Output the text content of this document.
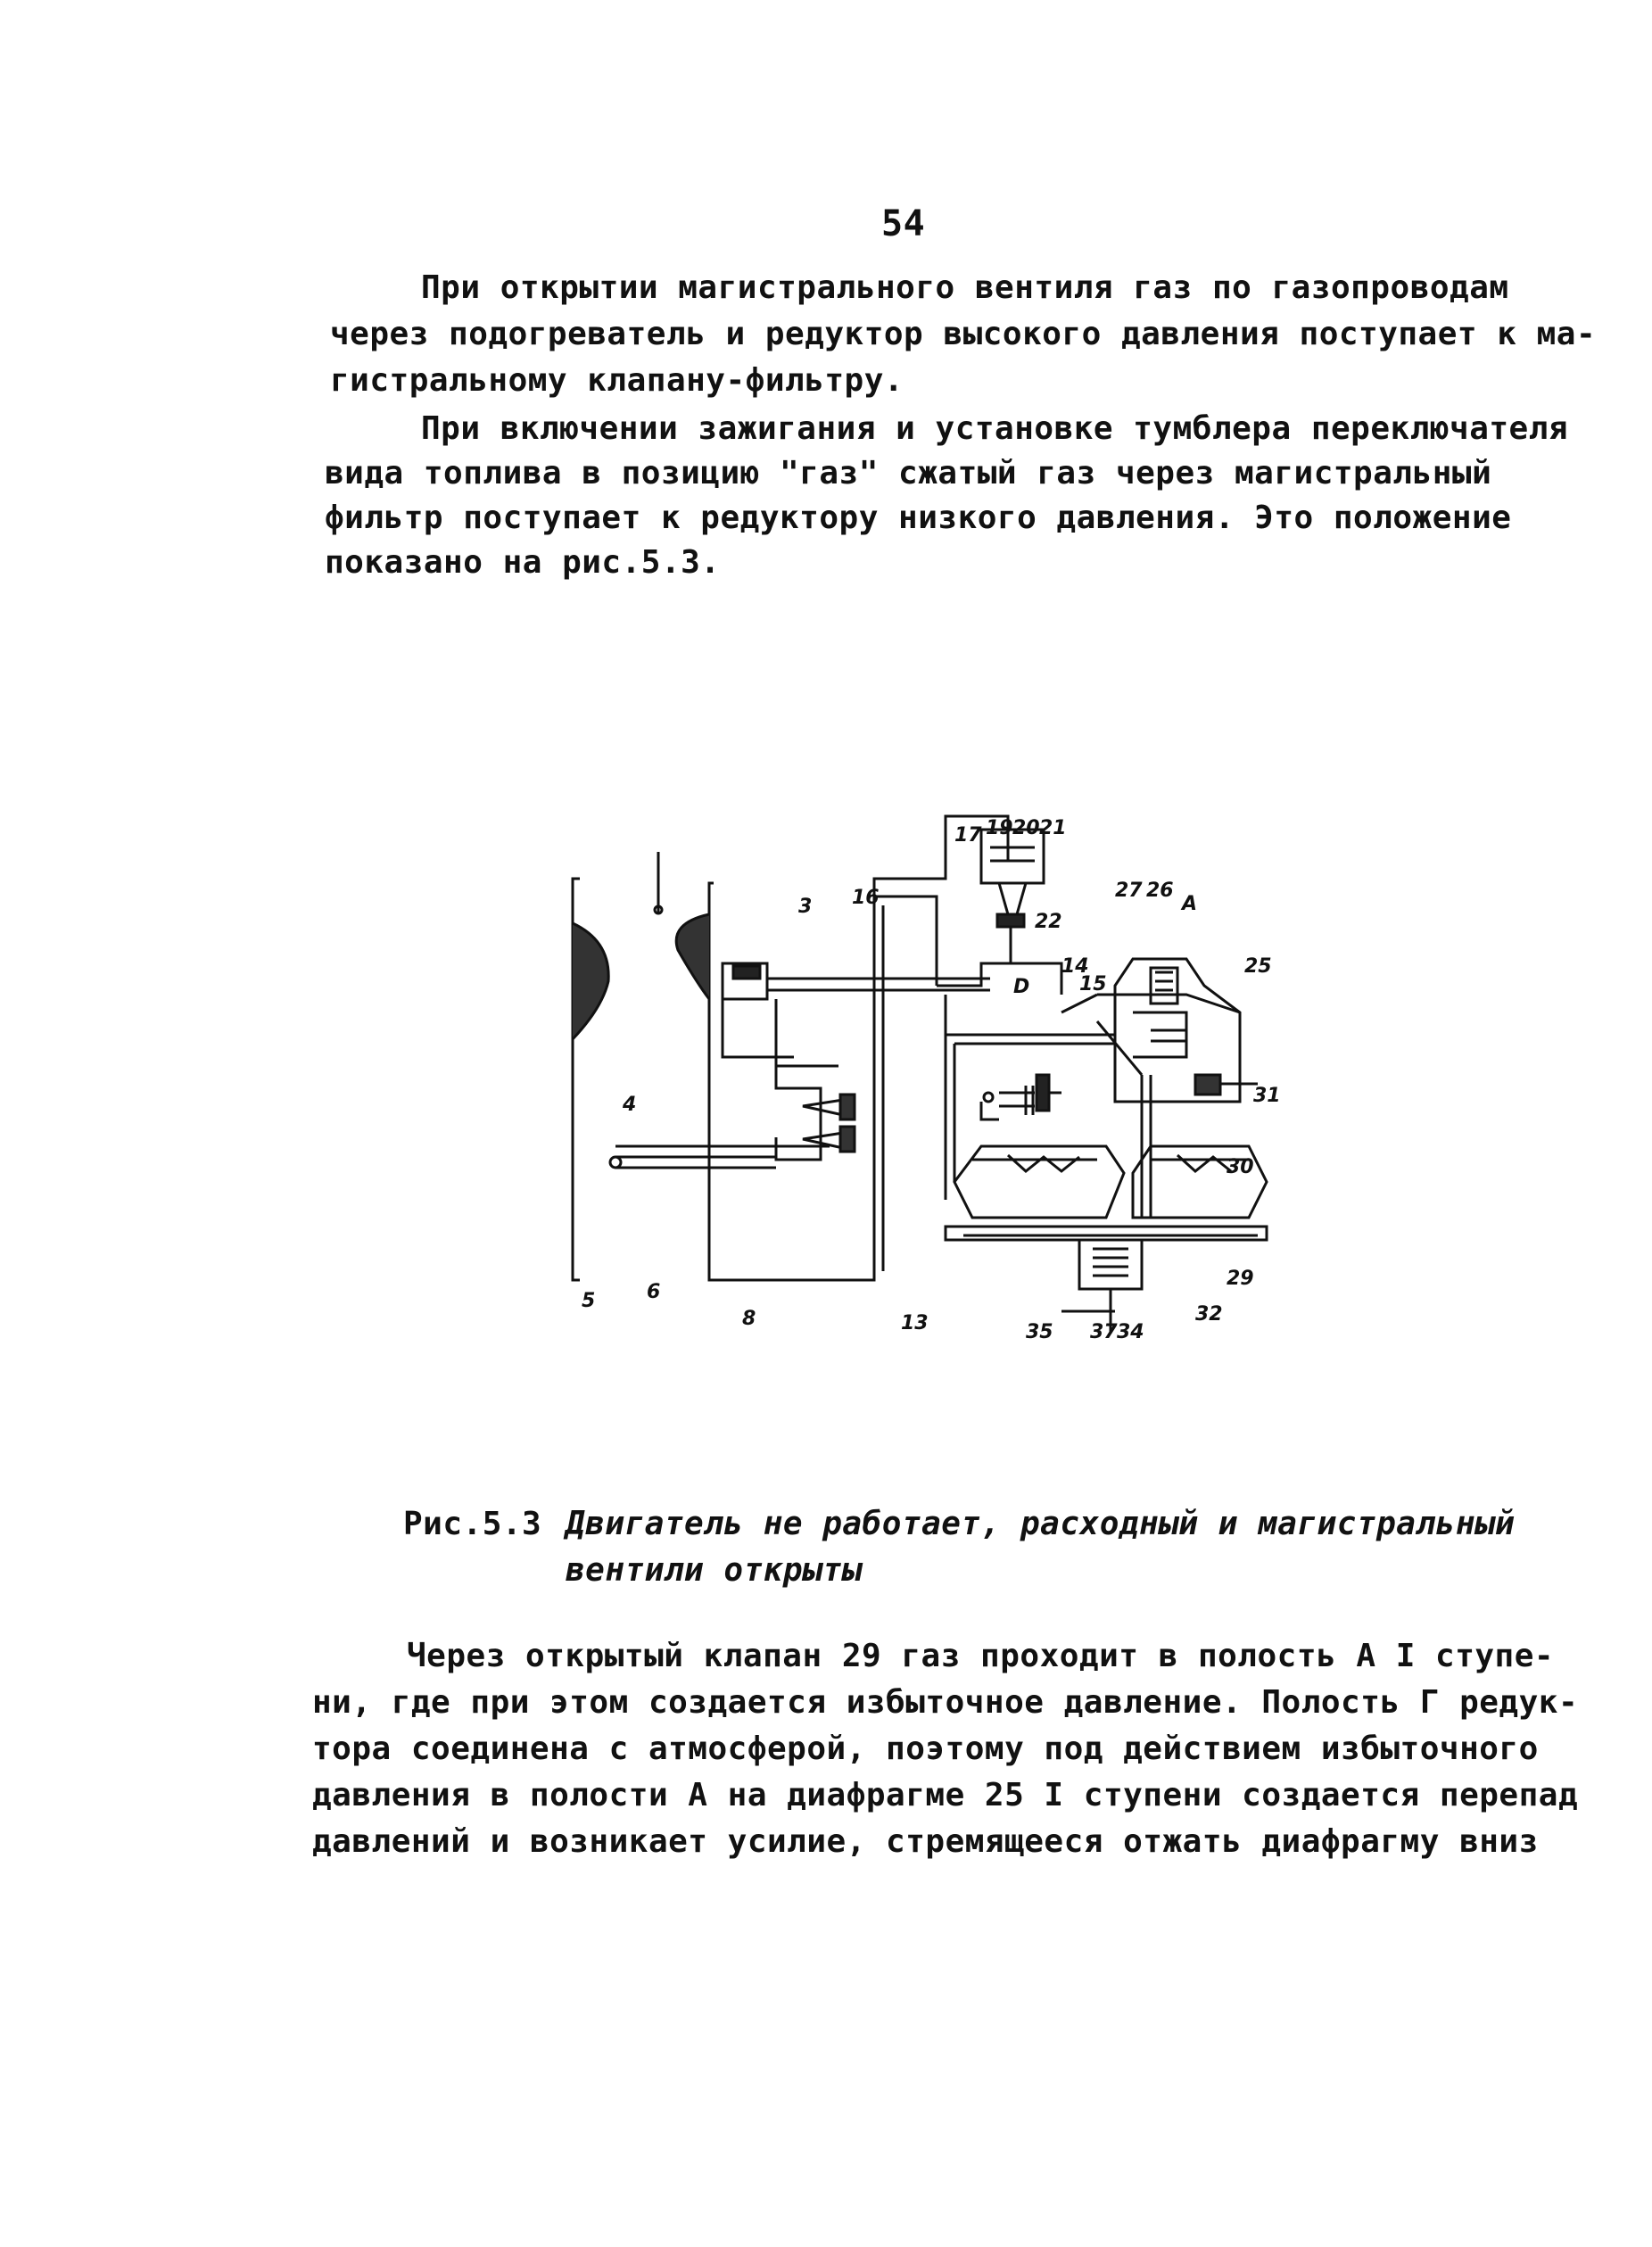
54
При открытии магистрального вентиля газ по газопроводам
через подогреватель и редуктор высокого давления поступает к ма-
гистральному клапану-фильтру.
При включении зажигания и установке тумблера переключателя
вида топлива в позицию "газ" сжатый газ через магистральный
фильтр поступает к редуктору низкого давления. Это положение
показано на рис.5.3.
3 16
17 19 20 21
22
14
15
27 26
A
25
D
4
5	6
8	13	35 37 34
32
29
30
31
Рис.5.3 Двигатель не работает, расходный и магистральный
вентили открыты
Через открытый клапан 29 газ проходит в полость А I ступе-
ни, где при этом создается избыточное давление. Полость Г редук-
тора соединена с атмосферой, поэтому под действием избыточного
давления в полости А на диафрагме 25 I ступени создается перепад
давлений и возникает усилие, стремящееся отжать диафрагму вниз
